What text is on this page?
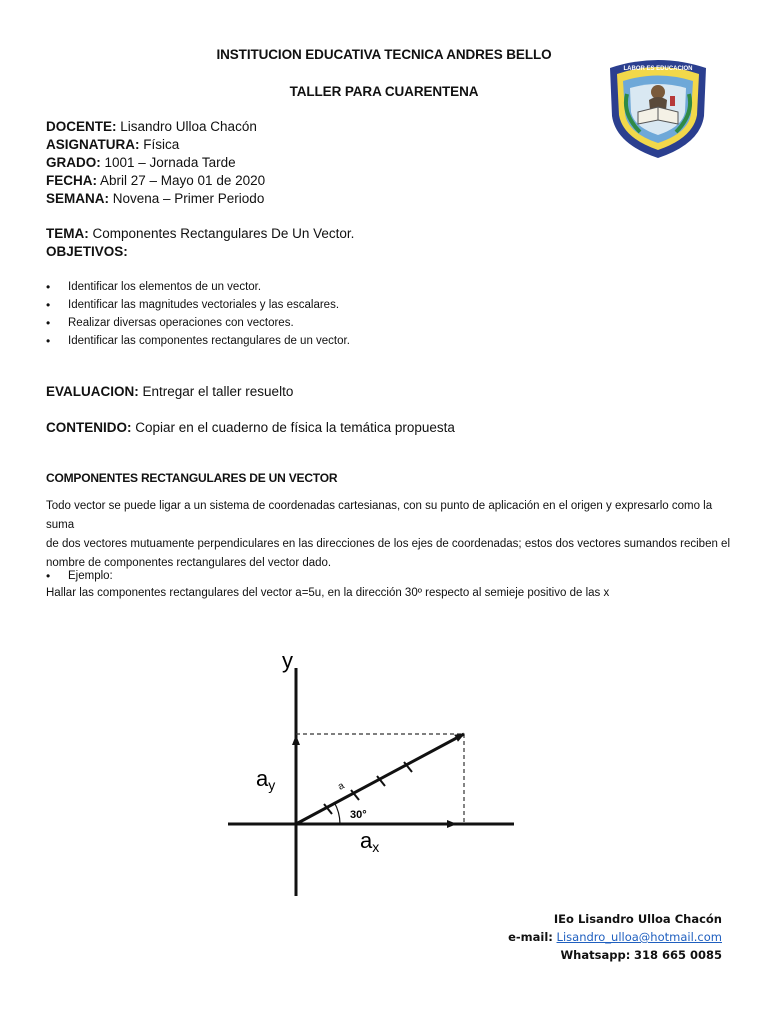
INSTITUCION EDUCATIVA TECNICA ANDRES BELLO
TALLER PARA CUARENTENA
LABOR ES EDUCACION
DOCENTE: Lisandro Ulloa Chacón
ASIGNATURA: Física
GRADO: 1001 – Jornada Tarde
FECHA: Abril 27 – Mayo 01 de 2020
SEMANA: Novena – Primer Periodo
TEMA: Componentes Rectangulares De Un Vector.
OBJETIVOS:
• Identificar los elementos de un vector.
• Identificar las magnitudes vectoriales y las escalares.
• Realizar diversas operaciones con vectores.
• Identificar las componentes rectangulares de un vector.
EVALUACION: Entregar el taller resuelto
CONTENIDO: Copiar en el cuaderno de física la temática propuesta
COMPONENTES RECTANGULARES DE UN VECTOR
Todo vector se puede ligar a un sistema de coordenadas cartesianas, con su punto de aplicación en el origen y expresarlo como la suma
de dos vectores mutuamente perpendiculares en las direcciones de los ejes de coordenadas; estos dos vectores sumandos reciben el
nombre de componentes rectangulares del vector dado.
• Ejemplo:
Hallar las componentes rectangulares del vector a=5u, en la dirección 30º respecto al semieje positivo de las x
y
ay
ax
30°
a
IEo Lisandro Ulloa Chacón
e-mail: Lisandro_ulloa@hotmail.com
Whatsapp: 318 665 0085
